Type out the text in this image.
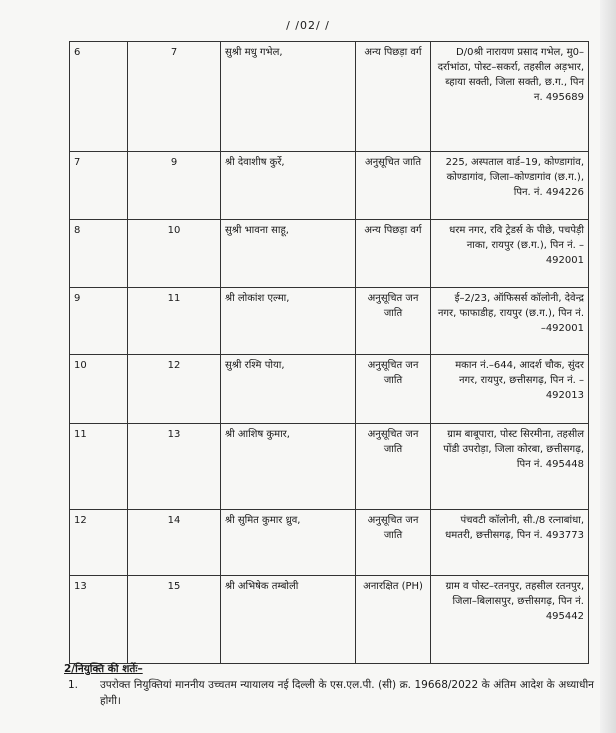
/ /02/ /
6	7	सुश्री मधु गभेल,	अन्य पिछड़ा वर्ग	D/0श्री नारायण प्रसाद गभेल, मु0–दर्राभांठा, पोस्ट–सकर्रा, तहसील अड़भार, ब्हाया सक्ती, जिला सक्ती, छ.ग., पिन न. 495689
7	9	श्री देवाशीष कुर्रे,	अनुसूचित जाति	225, अस्पताल वार्ड–19, कोण्डागांव, कोण्डागांव, जिला–कोण्डागांव (छ.ग.), पिन. नं. 494226
8	10	सुश्री भावना साहू,	अन्य पिछड़ा वर्ग	धरम नगर, रवि ट्रेडर्स के पीछे, पचपेड़ी नाका, रायपुर (छ.ग.), पिन नं. –492001
9	11	श्री लोकांश एल्मा,	अनुसूचित जन जाति	ई–2/23, ऑफिसर्स कॉलोनी, देवेन्द्र नगर, फाफाडीह, रायपुर (छ.ग.), पिन नं. –492001
10	12	सुश्री रश्मि पोया,	अनुसूचित जन जाति	मकान नं.–644, आदर्श चौक, सुंदर नगर, रायपुर, छत्तीसगढ़, पिन नं. –492013
11	13	श्री आशिष कुमार,	अनुसूचित जन जाति	ग्राम बाबूपारा, पोस्ट सिरमीना, तहसील पोंडी उपरोड़ा, जिला कोरबा, छत्तीसगढ़, पिन नं. 495448
12	14	श्री सुमित कुमार ध्रुव,	अनुसूचित जन जाति	पंचवटी कॉलोनी, सी./8 रत्नाबांधा, धमतरी, छत्तीसगढ़, पिन नं. 493773
13	15	श्री अभिषेक तम्बोली	अनारक्षित (PH)	ग्राम व पोस्ट–रतनपुर, तहसील रतनपुर, जिला–बिलासपुर, छत्तीसगढ़, पिन नं. 495442
2/नियुक्ति की शर्तेः–
1.	उपरोक्त नियुक्तियां माननीय उच्चतम न्यायालय नई दिल्ली के एस.एल.पी. (सी) क्र. 19668/2022 के अंतिम आदेश के अध्याधीन होगी।
